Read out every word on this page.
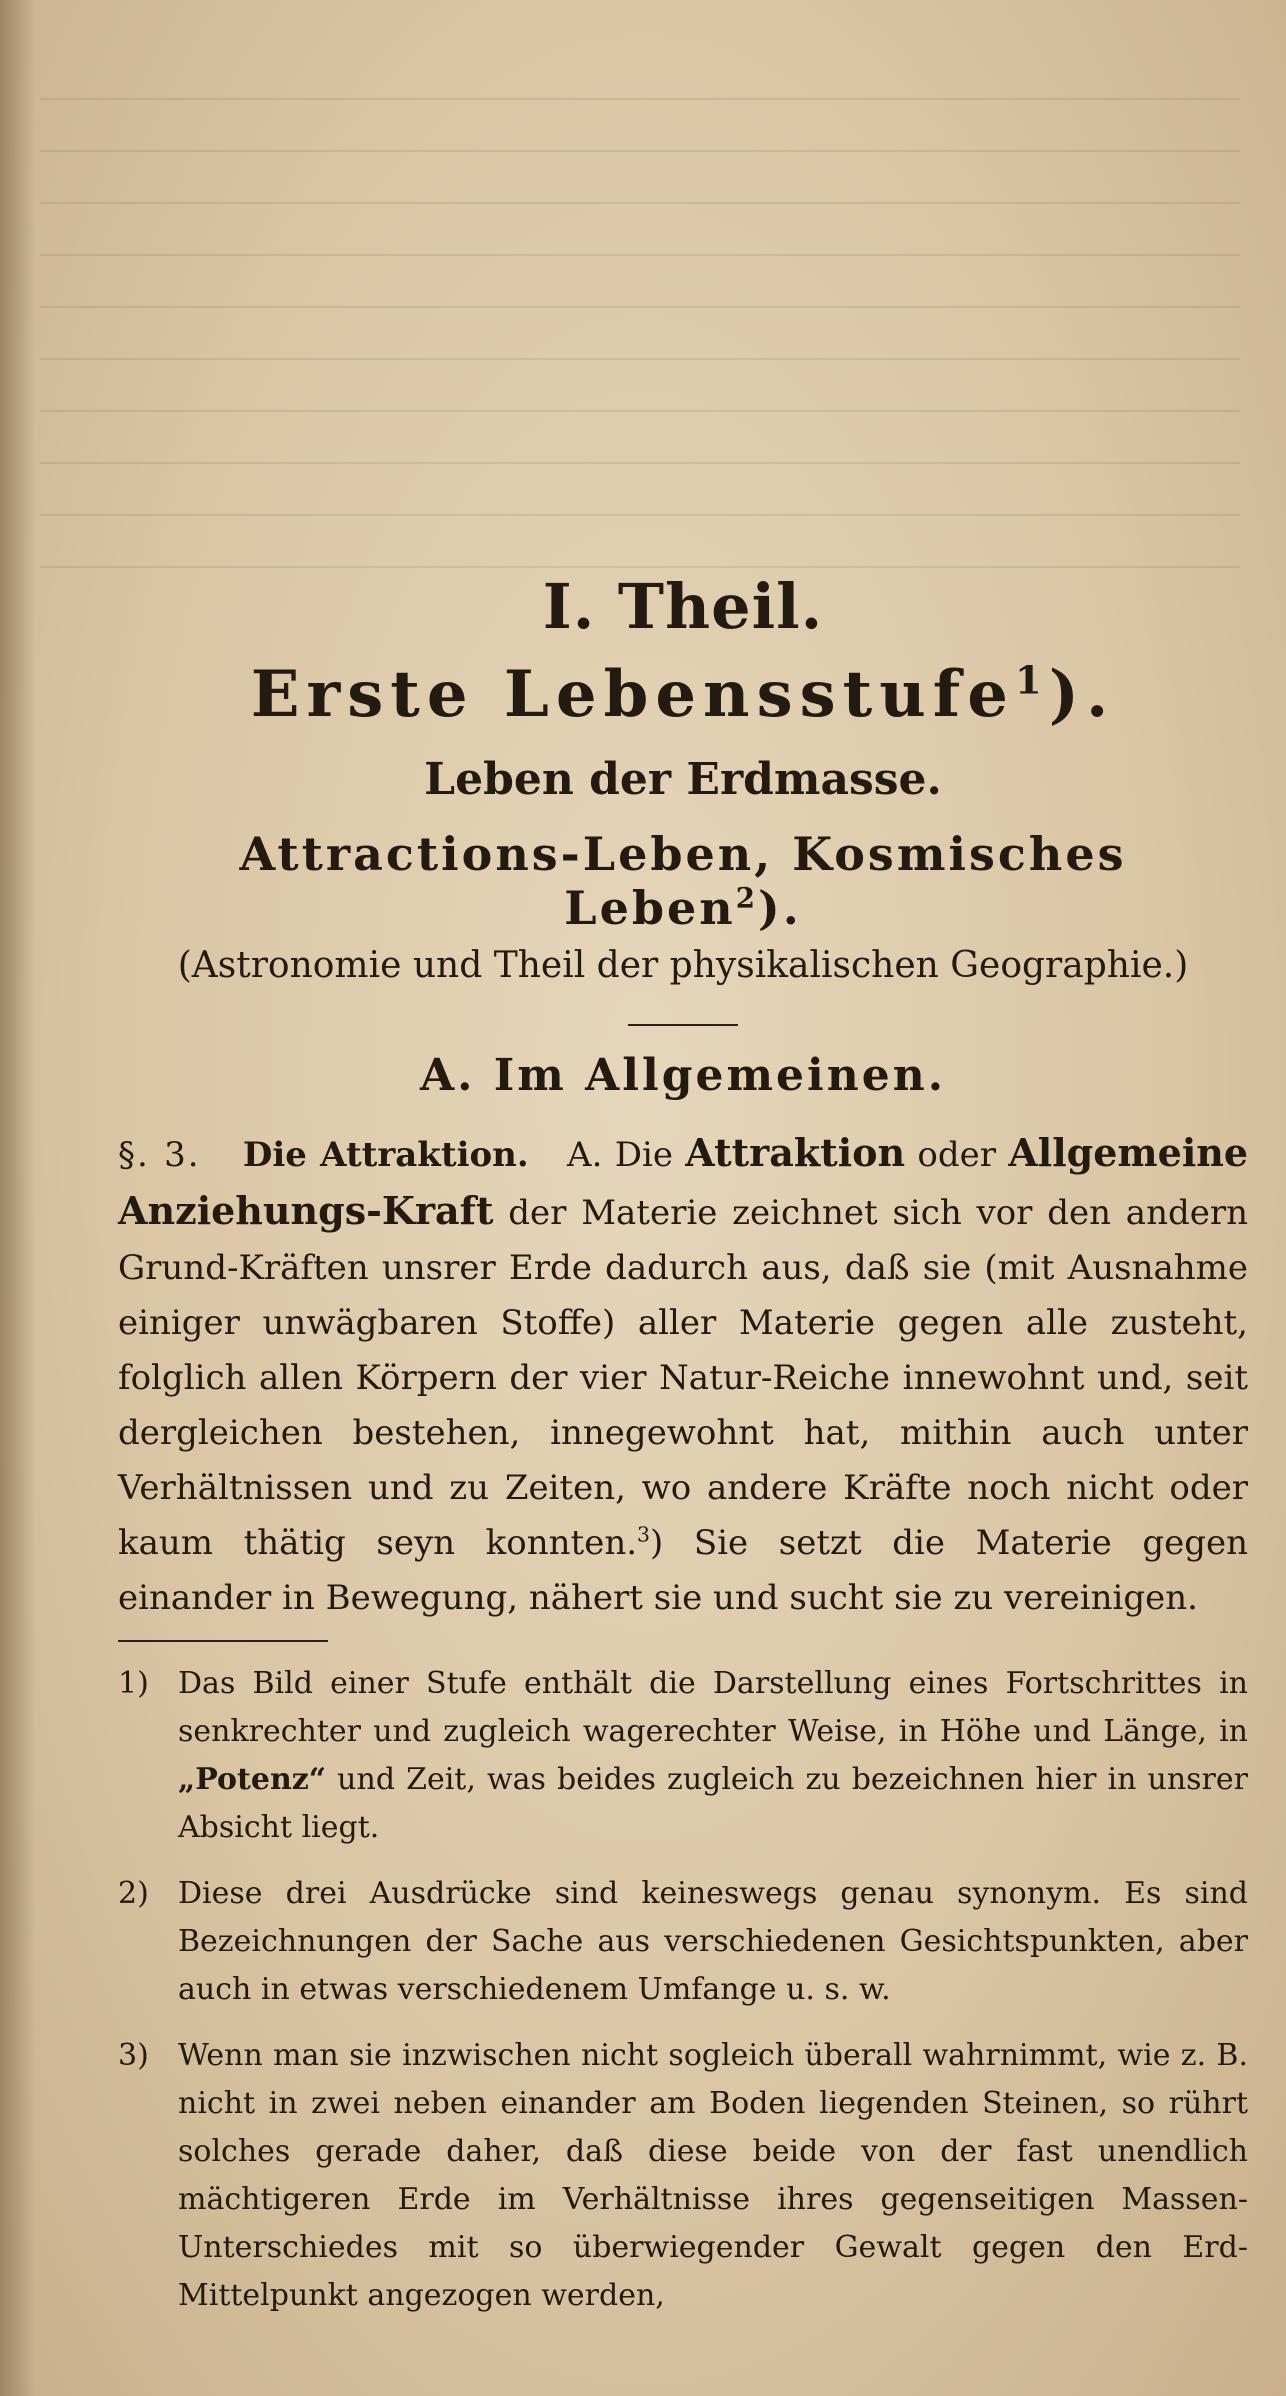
I. Theil.
Erste Lebensstufe$^1$).
Leben der Erdmasse.
Attractions-Leben, Kosmisches Leben$^2$).
(Astronomie und Theil der physikalischen Geographie.)
A. Im Allgemeinen.

§. 3. Die Attraktion. A. Die Attraktion oder Allgemeine Anziehungs-Kraft der Materie zeichnet sich vor den andern Grund-Kräften unsrer Erde dadurch aus, daß sie (mit Ausnahme einiger unwägbaren Stoffe) aller Materie gegen alle zusteht, folglich allen Körpern der vier Natur-Reiche innewohnt und, seit dergleichen bestehen, innegewohnt hat, mithin auch unter Verhältnissen und zu Zeiten, wo andere Kräfte noch nicht oder kaum thätig seyn konnten.$^3$) Sie setzt die Materie gegen einander in Bewegung, nähert sie und sucht sie zu vereinigen.

1) Das Bild einer Stufe enthält die Darstellung eines Fortschrittes in senkrechter und zugleich wagerechter Weise, in Höhe und Länge, in „Potenz“ und Zeit, was beides zugleich zu bezeichnen hier in unsrer Absicht liegt.
2) Diese drei Ausdrücke sind keineswegs genau synonym. Es sind Bezeichnungen der Sache aus verschiedenen Gesichtspunkten, aber auch in etwas verschiedenem Umfange u. s. w.
3) Wenn man sie inzwischen nicht sogleich überall wahrnimmt, wie z. B. nicht in zwei neben einander am Boden liegenden Steinen, so rührt solches gerade daher, daß diese beide von der fast unendlich mächtigeren Erde im Verhältnisse ihres gegenseitigen Massen-Unterschiedes mit so überwiegender Gewalt gegen den Erd-Mittelpunkt angezogen werden,
